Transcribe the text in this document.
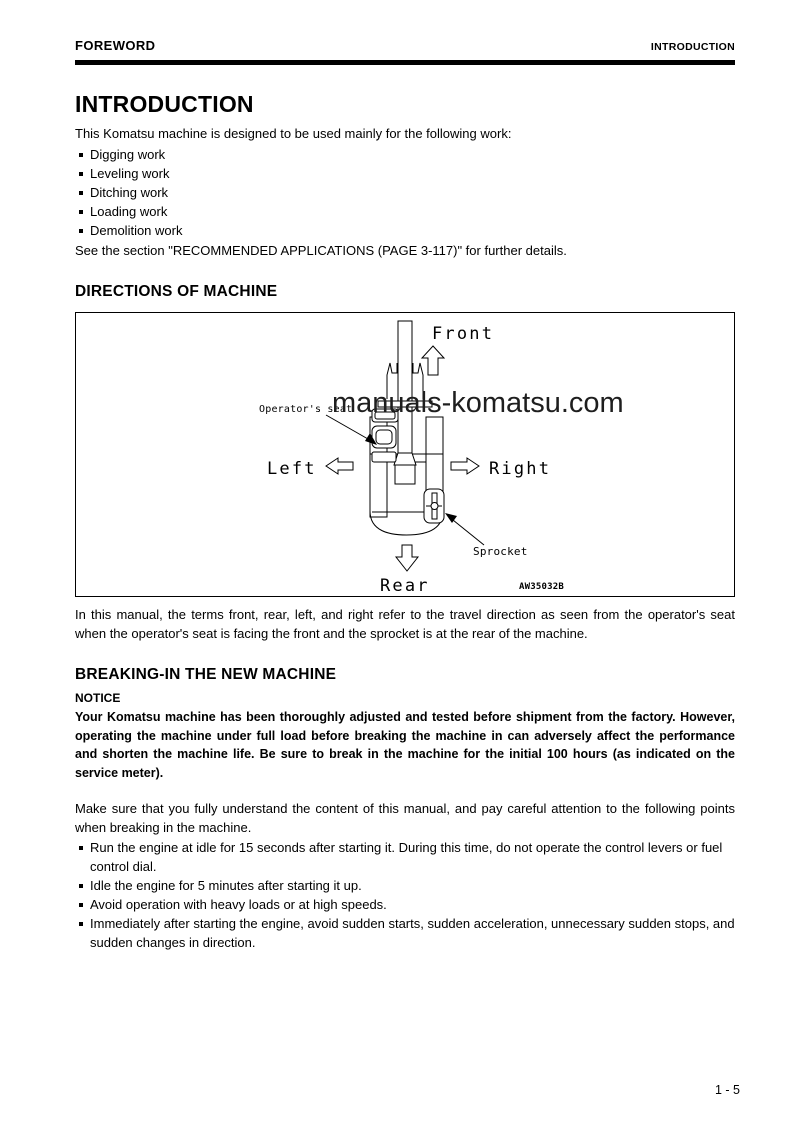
FOREWORD	INTRODUCTION
INTRODUCTION

This Komatsu machine is designed to be used mainly for the following work:

Digging work
Leveling work
Ditching work
Loading work
Demolition work

See the section "RECOMMENDED APPLICATIONS (PAGE 3-117)" for further details.

DIRECTIONS OF MACHINE
Front
Left	Right
Rear
Operator's seat
Sprocket
AW35032B
manuals-komatsu.com

In this manual, the terms front, rear, left, and right refer to the travel direction as seen from the operator's seat when the operator's seat is facing the front and the sprocket is at the rear of the machine.

BREAKING-IN THE NEW MACHINE
NOTICE

Your Komatsu machine has been thoroughly adjusted and tested before shipment from the factory. However, operating the machine under full load before breaking the machine in can adversely affect the performance and shorten the machine life. Be sure to break in the machine for the initial 100 hours (as indicated on the service meter).

Make sure that you fully understand the content of this manual, and pay careful attention to the following points when breaking in the machine.

Run the engine at idle for 15 seconds after starting it. During this time, do not operate the control levers or fuel control dial.
Idle the engine for 5 minutes after starting it up.
Avoid operation with heavy loads or at high speeds.
Immediately after starting the engine, avoid sudden starts, sudden acceleration, unnecessary sudden stops, and sudden changes in direction.
1 - 5
